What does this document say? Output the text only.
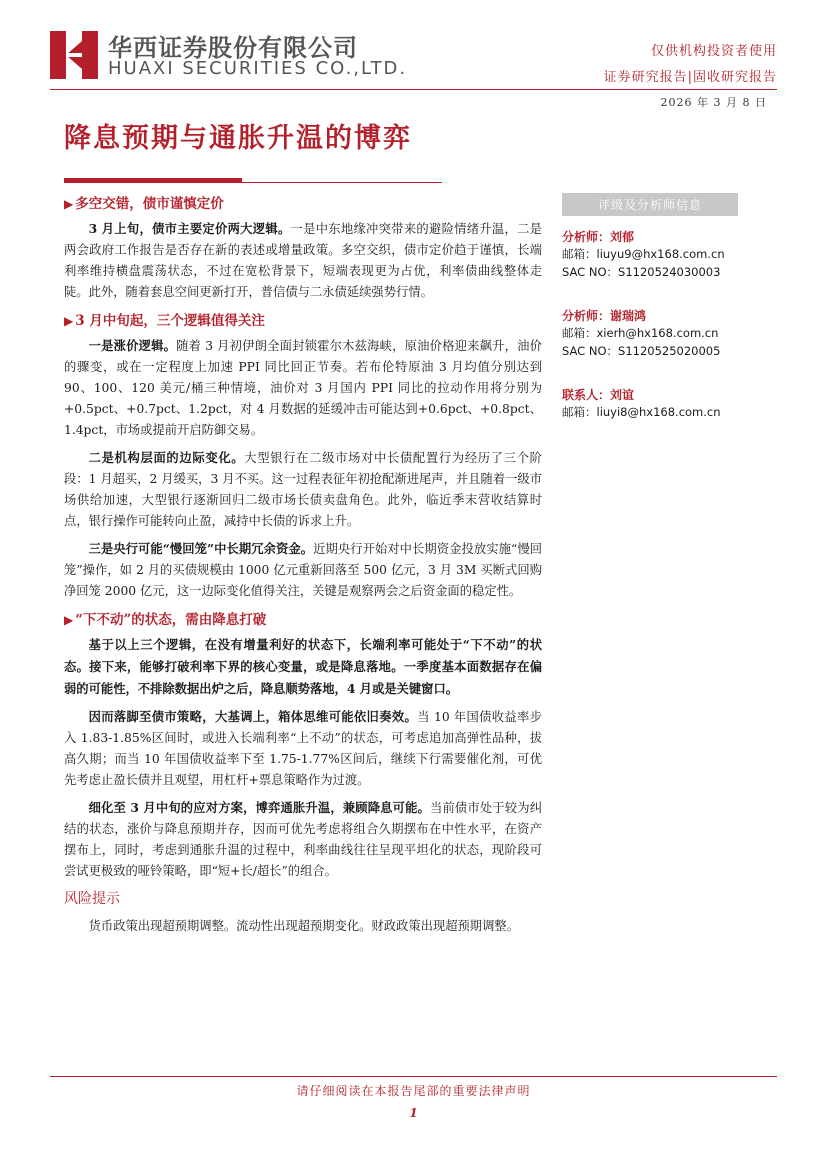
华西证券股份有限公司
HUAXI SECURITIES CO.,LTD.
仅供机构投资者使用
证券研究报告|固收研究报告
2026 年 3 月 8 日
降息预期与通胀升温的博弈
▶ 多空交错，债市谨慎定价

3 月上旬，债市主要定价两大逻辑。一是中东地缘冲突带来的避险情绪升温，二是两会政府工作报告是否存在新的表述或增量政策。多空交织，债市定价趋于谨慎，长端利率维持横盘震荡状态，不过在宽松背景下，短端表现更为占优，利率债曲线整体走陡。此外，随着套息空间更新打开，普信债与二永债延续强势行情。

▶ 3 月中旬起，三个逻辑值得关注

一是涨价逻辑。随着 3 月初伊朗全面封锁霍尔木兹海峡，原油价格迎来飙升，油价的骤变，或在一定程度上加速 PPI 同比回正节奏。若布伦特原油 3 月均值分别达到 90、100、120 美元/桶三种情境，油价对 3 月国内 PPI 同比的拉动作用将分别为+0.5pct、+0.7pct、1.2pct，对 4 月数据的延缓冲击可能达到+0.6pct、+0.8pct、1.4pct，市场或提前开启防御交易。

二是机构层面的边际变化。大型银行在二级市场对中长债配置行为经历了三个阶段：1 月超买，2 月缓买，3 月不买。这一过程表征年初抢配渐进尾声，并且随着一级市场供给加速，大型银行逐渐回归二级市场长债卖盘角色。此外，临近季末营收结算时点，银行操作可能转向止盈，减持中长债的诉求上升。

三是央行可能“慢回笼”中长期冗余资金。近期央行开始对中长期资金投放实施“慢回笼”操作，如 2 月的买债规模由 1000 亿元重新回落至 500 亿元，3 月 3M 买断式回购净回笼 2000 亿元，这一边际变化值得关注，关键是观察两会之后资金面的稳定性。

▶ “下不动”的状态，需由降息打破

基于以上三个逻辑，在没有增量利好的状态下，长端利率可能处于“下不动”的状态。接下来，能够打破利率下界的核心变量，或是降息落地。一季度基本面数据存在偏弱的可能性，不排除数据出炉之后，降息顺势落地，4 月或是关键窗口。

因而落脚至债市策略，大基调上，箱体思维可能依旧奏效。当 10 年国债收益率步入 1.83-1.85%区间时，或进入长端利率“上不动”的状态，可考虑追加高弹性品种，拔高久期；而当 10 年国债收益率下至 1.75-1.77%区间后，继续下行需要催化剂，可优先考虑止盈长债并且观望，用杠杆+票息策略作为过渡。

细化至 3 月中旬的应对方案，博弈通胀升温，兼顾降息可能。当前债市处于较为纠结的状态，涨价与降息预期并存，因而可优先考虑将组合久期摆布在中性水平，在资产摆布上，同时，考虑到通胀升温的过程中，利率曲线往往呈现平坦化的状态，现阶段可尝试更极致的哑铃策略，即“短+长/超长”的组合。

风险提示

货币政策出现超预期调整。流动性出现超预期变化。财政政策出现超预期调整。

评级及分析师信息
分析师：刘郁
邮箱：liuyu9@hx168.com.cn
SAC NO：S1120524030003
分析师：谢瑞鸿
邮箱：xierh@hx168.com.cn
SAC NO：S1120525020005
联系人：刘谊
邮箱：liuyi8@hx168.com.cn
请仔细阅读在本报告尾部的重要法律声明
1
